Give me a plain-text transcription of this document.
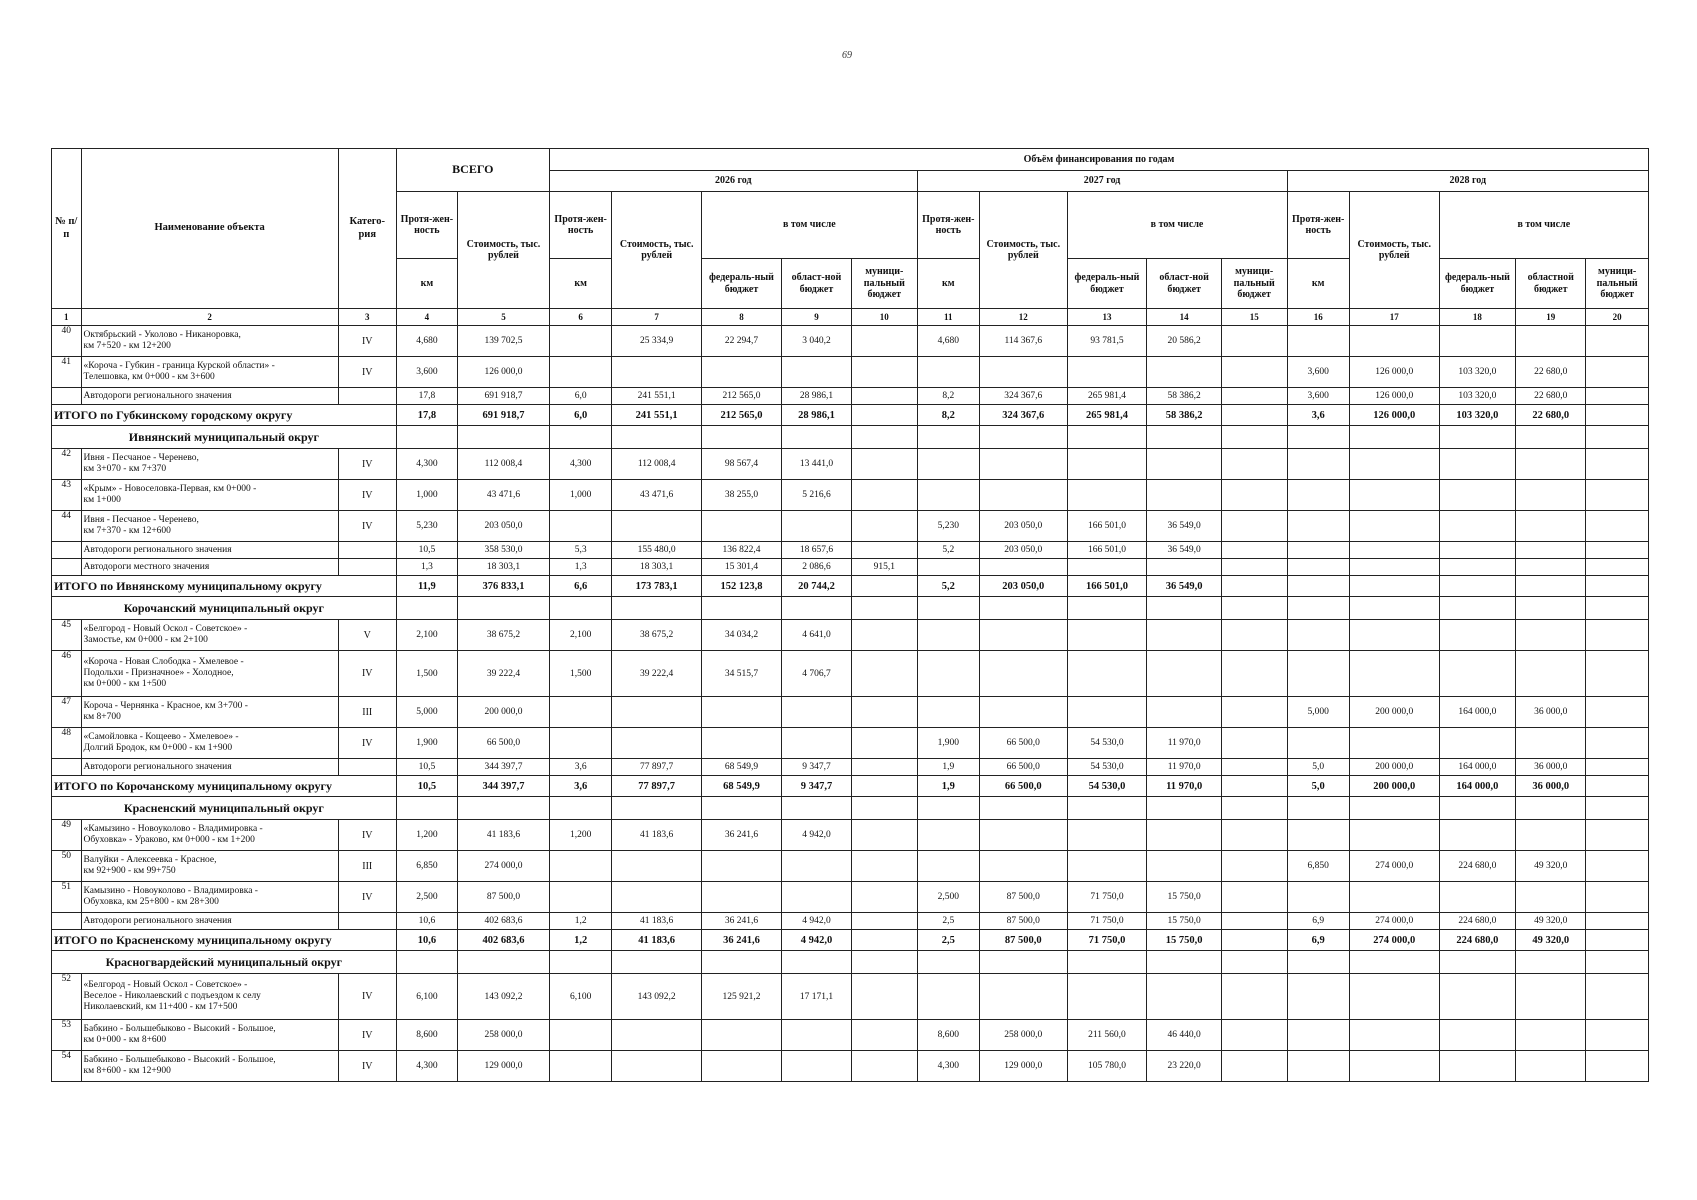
69
№ п/п	Наименование объекта	Катего-рия	ВСЕГО		Объём финансирования по годам														
					2026 год					2027 год					2028 год				
			Протя-жен-ность	Стоимость, тыс. рублей	Протя-жен-ность	Стоимость, тыс. рублей	в том числе			Протя-жен-ность	Стоимость, тыс. рублей	в том числе			Протя-жен-ность	Стоимость, тыс. рублей	в том числе		
			км		км		федераль-ный бюджет	област-ной бюджет	муници-пальный бюджет	км		федераль-ный бюджет	област-ной бюджет	муници-пальный бюджет	км		федераль-ный бюджет	областной бюджет	муници-пальный бюджет
1	2	3	4	5	6	7	8	9	10	11	12	13	14	15	16	17	18	19	20
40	Октябрьский - Уколово - Никаноровка,
км 7+520 - км 12+200	IV	4,680	139 702,5		25 334,9	22 294,7	3 040,2		4,680	114 367,6	93 781,5	20 586,2						
41	«Короча - Губкин - граница Курской области» -
Телешовка, км 0+000 - км 3+600	IV	3,600	126 000,0											3,600	126 000,0	103 320,0	22 680,0	
	Автодороги регионального значения		17,8	691 918,7	6,0	241 551,1	212 565,0	28 986,1		8,2	324 367,6	265 981,4	58 386,2		3,600	126 000,0	103 320,0	22 680,0	
ИТОГО по Губкинскому городскому округу			17,8	691 918,7	6,0	241 551,1	212 565,0	28 986,1		8,2	324 367,6	265 981,4	58 386,2		3,6	126 000,0	103 320,0	22 680,0	
Ивнянский муниципальный округ																			
42	Ивня - Песчаное - Черенево,
км 3+070 - км 7+370	IV	4,300	112 008,4	4,300	112 008,4	98 567,4	13 441,0											
43	«Крым» - Новоселовка-Первая, км 0+000 -
км 1+000	IV	1,000	43 471,6	1,000	43 471,6	38 255,0	5 216,6											
44	Ивня - Песчаное - Черенево,
км 7+370 - км 12+600	IV	5,230	203 050,0						5,230	203 050,0	166 501,0	36 549,0						
	Автодороги регионального значения		10,5	358 530,0	5,3	155 480,0	136 822,4	18 657,6		5,2	203 050,0	166 501,0	36 549,0						
	Автодороги местного значения		1,3	18 303,1	1,3	18 303,1	15 301,4	2 086,6	915,1										
ИТОГО по Ивнянскому муниципальному округу			11,9	376 833,1	6,6	173 783,1	152 123,8	20 744,2		5,2	203 050,0	166 501,0	36 549,0						
Корочанский муниципальный округ																			
45	«Белгород - Новый Оскол - Советское» -
Замостье, км 0+000 - км 2+100	V	2,100	38 675,2	2,100	38 675,2	34 034,2	4 641,0											
46	«Короча - Новая Слободка - Хмелевое -
Подольхи - Призначное» - Холодное,
км 0+000 - км 1+500	IV	1,500	39 222,4	1,500	39 222,4	34 515,7	4 706,7											
47	Короча - Чернянка - Красное, км 3+700 -
км 8+700	III	5,000	200 000,0											5,000	200 000,0	164 000,0	36 000,0	
48	«Самойловка - Кощеево - Хмелевое» -
Долгий Бродок, км 0+000 - км 1+900	IV	1,900	66 500,0						1,900	66 500,0	54 530,0	11 970,0						
	Автодороги регионального значения		10,5	344 397,7	3,6	77 897,7	68 549,9	9 347,7		1,9	66 500,0	54 530,0	11 970,0		5,0	200 000,0	164 000,0	36 000,0	
ИТОГО по Корочанскому муниципальному округу			10,5	344 397,7	3,6	77 897,7	68 549,9	9 347,7		1,9	66 500,0	54 530,0	11 970,0		5,0	200 000,0	164 000,0	36 000,0	
Красненский муниципальный округ																			
49	«Камызино - Новоуколово - Владимировка -
Обуховка» - Ураково, км 0+000 - км 1+200	IV	1,200	41 183,6	1,200	41 183,6	36 241,6	4 942,0											
50	Валуйки - Алексеевка - Красное,
км 92+900 - км 99+750	III	6,850	274 000,0											6,850	274 000,0	224 680,0	49 320,0	
51	Камызино - Новоуколово - Владимировка -
Обуховка, км 25+800 - км 28+300	IV	2,500	87 500,0						2,500	87 500,0	71 750,0	15 750,0						
	Автодороги регионального значения		10,6	402 683,6	1,2	41 183,6	36 241,6	4 942,0		2,5	87 500,0	71 750,0	15 750,0		6,9	274 000,0	224 680,0	49 320,0	
ИТОГО по Красненскому муниципальному округу			10,6	402 683,6	1,2	41 183,6	36 241,6	4 942,0		2,5	87 500,0	71 750,0	15 750,0		6,9	274 000,0	224 680,0	49 320,0	
Красногвардейский муниципальный округ																			
52	«Белгород - Новый Оскол - Советское» -
Веселое - Николаевский с подъездом к селу
Николаевский, км 11+400 - км 17+500	IV	6,100	143 092,2	6,100	143 092,2	125 921,2	17 171,1											
53	Бабкино - Большебыково - Высокий - Большое,
км 0+000 - км 8+600	IV	8,600	258 000,0						8,600	258 000,0	211 560,0	46 440,0						
54	Бабкино - Большебыково - Высокий - Большое,
км 8+600 - км 12+900	IV	4,300	129 000,0						4,300	129 000,0	105 780,0	23 220,0						
